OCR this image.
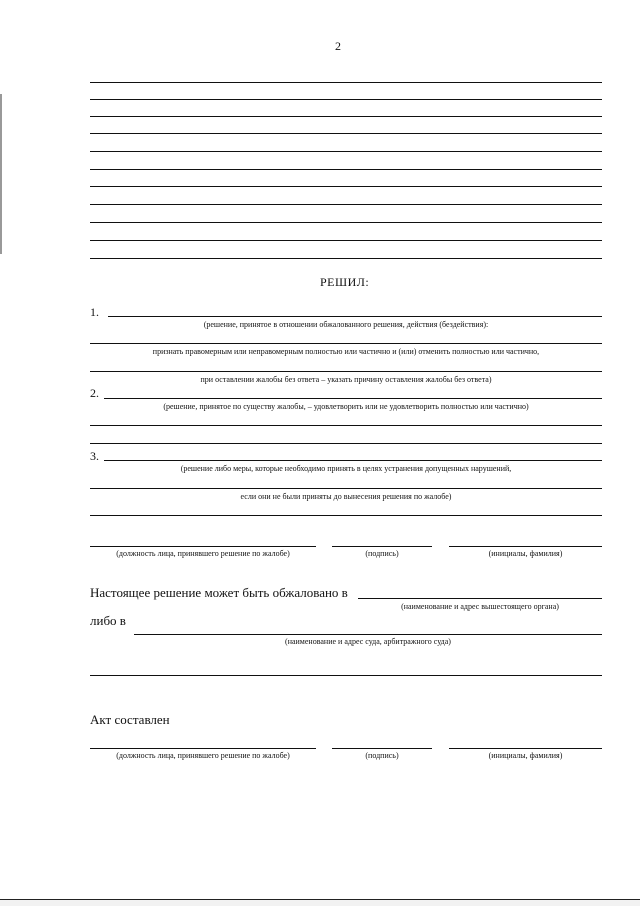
2
РЕШИЛ:
1.
(решение, принятое в отношении обжалованного решения, действия (бездействия):
признать правомерным или неправомерным полностью или частично и (или) отменить полностью или частично,
при оставлении жалобы без ответа – указать причину оставления жалобы без ответа)
2.
(решение, принятое по существу жалобы, – удовлетворить или не удовлетворить полностью или частично)
3.
(решение либо меры, которые необходимо принять в целях устранения допущенных нарушений,
если они не были приняты до вынесения решения по жалобе)
(должность лица, принявшего решение по жалобе)	(подпись)	(инициалы, фамилия)
Настоящее решение может быть обжаловано в
(наименование и адрес вышестоящего органа)
либо в
(наименование и адрес суда, арбитражного суда)
Акт составлен
(должность лица, принявшего решение по жалобе)	(подпись)	(инициалы, фамилия)
